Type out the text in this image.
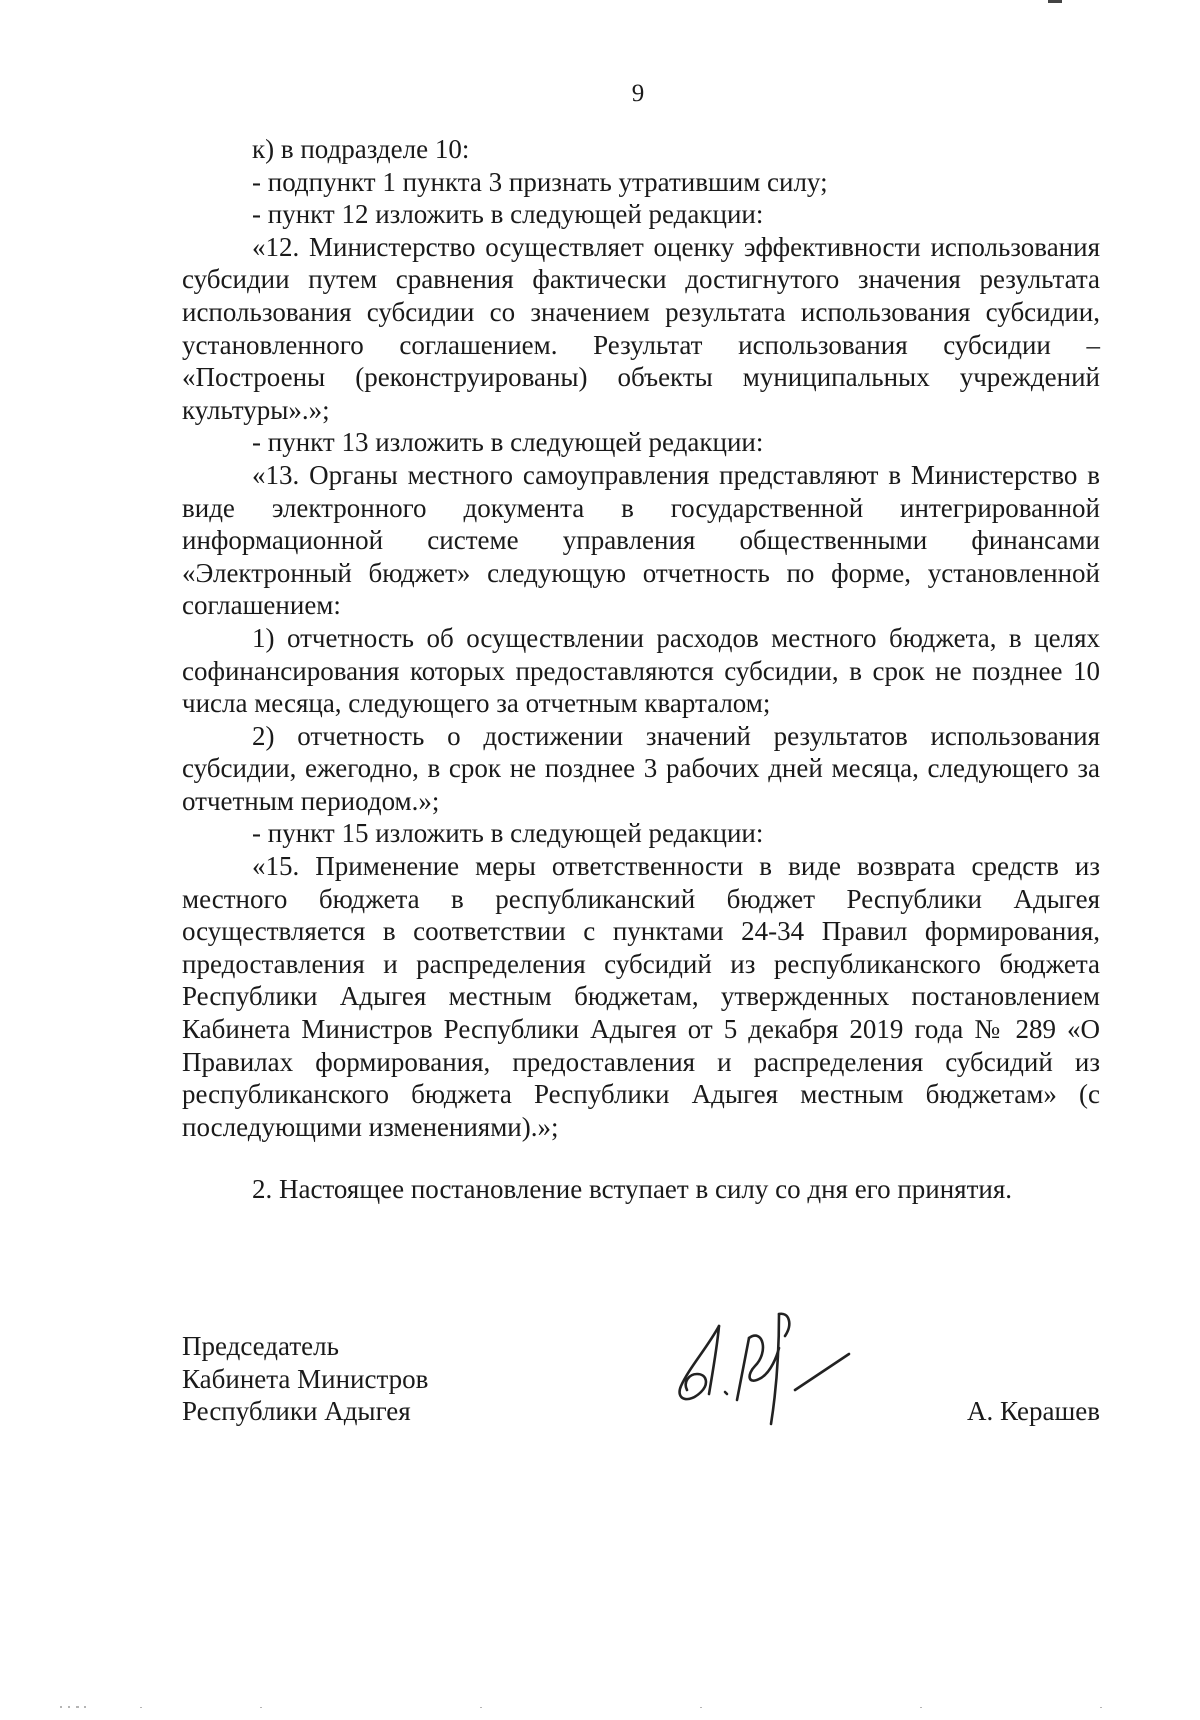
9

к) в подразделе 10:

- подпункт 1 пункта 3 признать утратившим силу;

- пункт 12 изложить в следующей редакции:

«12. Министерство осуществляет оценку эффективности использования субсидии путем сравнения фактически достигнутого значения результата использования субсидии со значением результата использования субсидии, установленного соглашением. Результат использования субсидии – «Построены (реконструированы) объекты муниципальных учреждений культуры».»;

- пункт 13 изложить в следующей редакции:

«13. Органы местного самоуправления представляют в Министерство в виде электронного документа в государственной интегрированной информационной системе управления общественными финансами «Электронный бюджет» следующую отчетность по форме, установленной соглашением:

1) отчетность об осуществлении расходов местного бюджета, в целях софинансирования которых предоставляются субсидии, в срок не позднее 10 числа месяца, следующего за отчетным кварталом;

2) отчетность о достижении значений результатов использования субсидии, ежегодно, в срок не позднее 3 рабочих дней месяца, следующего за отчетным периодом.»;

- пункт 15 изложить в следующей редакции:

«15. Применение меры ответственности в виде возврата средств из местного бюджета в республиканский бюджет Республики Адыгея осуществляется в соответствии с пунктами 24-34 Правил формирования, предоставления и распределения субсидий из республиканского бюджета Республики Адыгея местным бюджетам, утвержденных постановлением Кабинета Министров Республики Адыгея от 5 декабря 2019 года № 289 «О Правилах формирования, предоставления и распределения субсидий из республиканского бюджета Республики Адыгея местным бюджетам» (с последующими изменениями).»;

2. Настоящее постановление вступает в силу со дня его принятия.

Председатель
Кабинета Министров
Республики Адыгея	А. Керашев
